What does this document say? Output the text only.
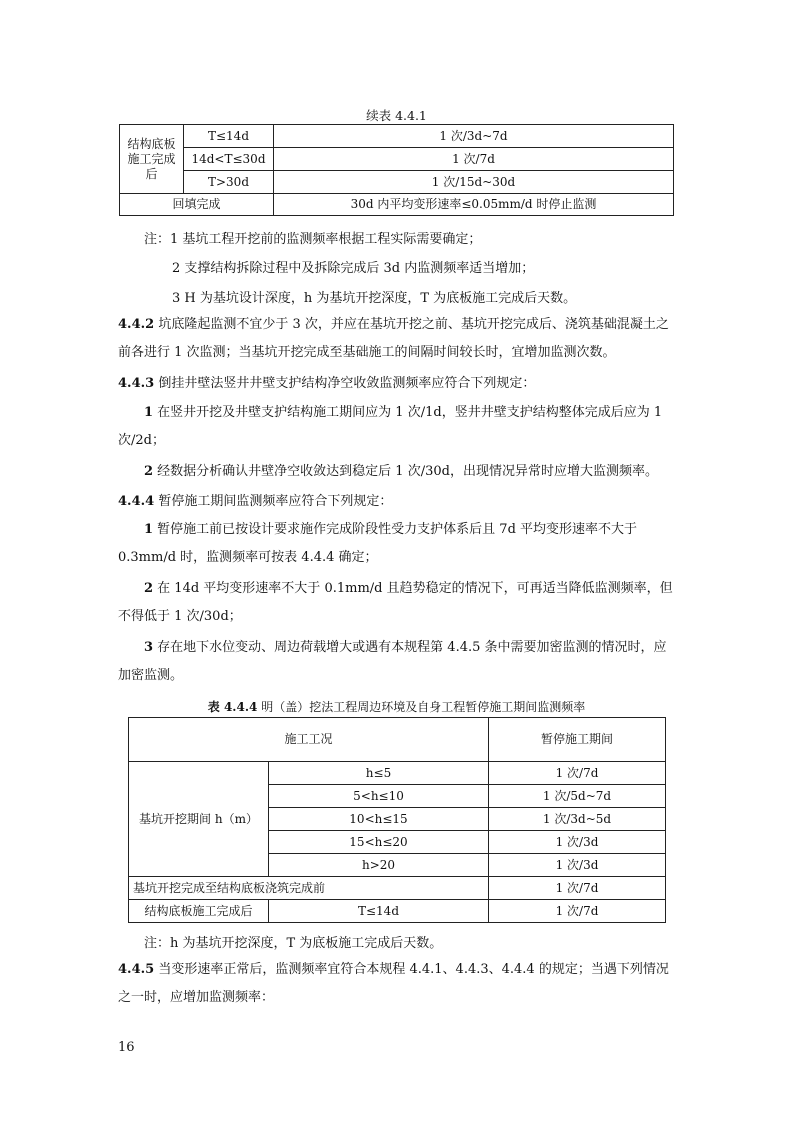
续表 4.4.1
结构底板施工完成后	T≤14d	1 次/3d~7d
	14d<T≤30d	1 次/7d
	T>30d	1 次/15d~30d
回填完成		30d 内平均变形速率≤0.05mm/d 时停止监测
注：1 基坑工程开挖前的监测频率根据工程实际需要确定；
2 支撑结构拆除过程中及拆除完成后 3d 内监测频率适当增加；
3 H 为基坑设计深度，h 为基坑开挖深度，T 为底板施工完成后天数。
4.4.2 坑底隆起监测不宜少于 3 次，并应在基坑开挖之前、基坑开挖完成后、浇筑基础混凝土之前各进行 1 次监测；当基坑开挖完成至基础施工的间隔时间较长时，宜增加监测次数。
4.4.3 倒挂井壁法竖井井壁支护结构净空收敛监测频率应符合下列规定：
1 在竖井开挖及井壁支护结构施工期间应为 1 次/1d，竖井井壁支护结构整体完成后应为 1 次/2d；
2 经数据分析确认井壁净空收敛达到稳定后 1 次/30d，出现情况异常时应增大监测频率。
4.4.4 暂停施工期间监测频率应符合下列规定：
1 暂停施工前已按设计要求施作完成阶段性受力支护体系后且 7d 平均变形速率不大于 0.3mm/d 时，监测频率可按表 4.4.4 确定；
2 在 14d 平均变形速率不大于 0.1mm/d 且趋势稳定的情况下，可再适当降低监测频率，但不得低于 1 次/30d；
3 存在地下水位变动、周边荷载增大或遇有本规程第 4.4.5 条中需要加密监测的情况时，应加密监测。
表 4.4.4 明（盖）挖法工程周边环境及自身工程暂停施工期间监测频率
施工工况		暂停施工期间
基坑开挖期间 h（m）	h≤5	1 次/7d
	5<h≤10	1 次/5d~7d
	10<h≤15	1 次/3d~5d
	15<h≤20	1 次/3d
	h>20	1 次/3d
基坑开挖完成至结构底板浇筑完成前		1 次/7d
结构底板施工完成后	T≤14d	1 次/7d
注：h 为基坑开挖深度，T 为底板施工完成后天数。
4.4.5 当变形速率正常后，监测频率宜符合本规程 4.4.1、4.4.3、4.4.4 的规定；当遇下列情况之一时，应增加监测频率：
16
